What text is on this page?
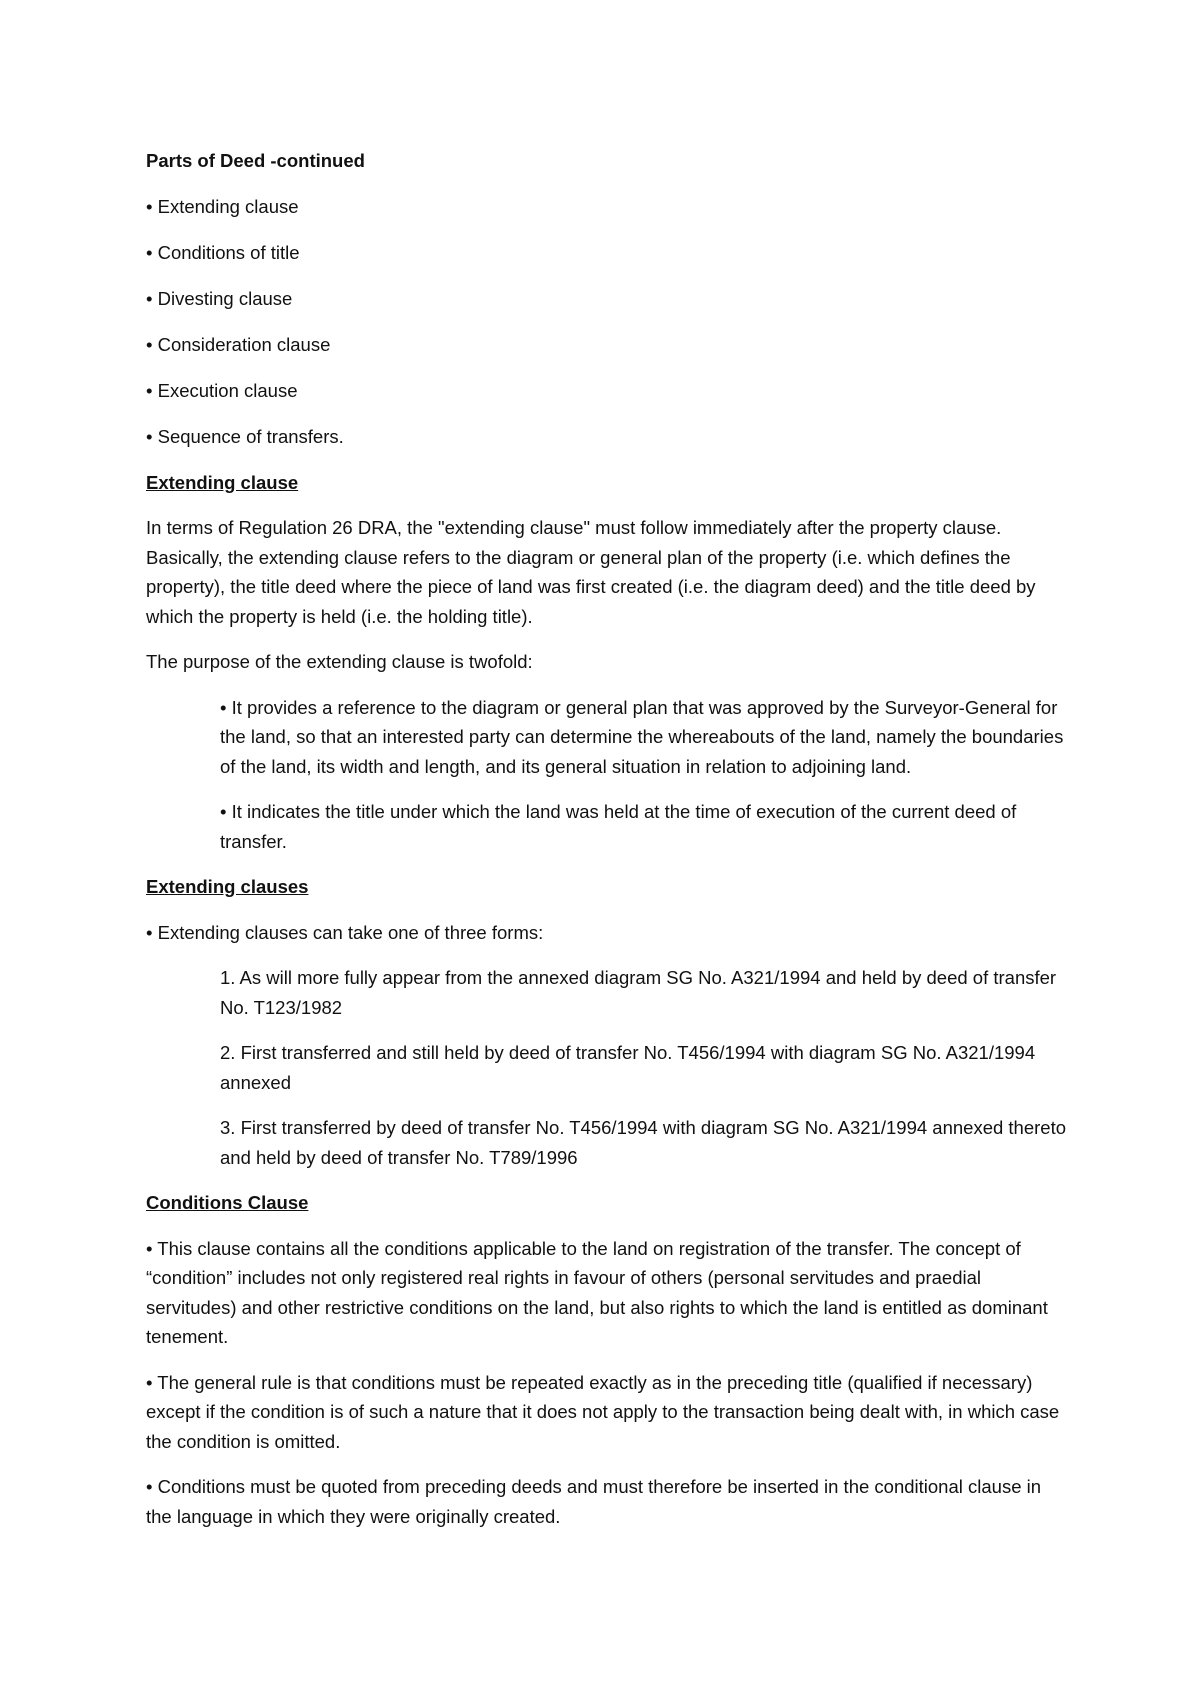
Parts of Deed -continued

• Extending clause

• Conditions of title

• Divesting clause

• Consideration clause

• Execution clause

• Sequence of transfers.

Extending clause

In terms of Regulation 26 DRA, the "extending clause" must follow immediately after the property clause. Basically, the extending clause refers to the diagram or general plan of the property (i.e. which defines the property), the title deed where the piece of land was first created (i.e. the diagram deed) and the title deed by which the property is held (i.e. the holding title).

The purpose of the extending clause is twofold:

• It provides a reference to the diagram or general plan that was approved by the Surveyor-General for the land, so that an interested party can determine the whereabouts of the land, namely the boundaries of the land, its width and length, and its general situation in relation to adjoining land.

• It indicates the title under which the land was held at the time of execution of the current deed of transfer.

Extending clauses

• Extending clauses can take one of three forms:

1. As will more fully appear from the annexed diagram SG No. A321/1994 and held by deed of transfer No. T123/1982

2. First transferred and still held by deed of transfer No. T456/1994 with diagram SG No. A321/1994 annexed

3. First transferred by deed of transfer No. T456/1994 with diagram SG No. A321/1994 annexed thereto and held by deed of transfer No. T789/1996

Conditions Clause

• This clause contains all the conditions applicable to the land on registration of the transfer. The concept of “condition” includes not only registered real rights in favour of others (personal servitudes and praedial servitudes) and other restrictive conditions on the land, but also rights to which the land is entitled as dominant tenement.

• The general rule is that conditions must be repeated exactly as in the preceding title (qualified if necessary) except if the condition is of such a nature that it does not apply to the transaction being dealt with, in which case the condition is omitted.

• Conditions must be quoted from preceding deeds and must therefore be inserted in the conditional clause in the language in which they were originally created.
